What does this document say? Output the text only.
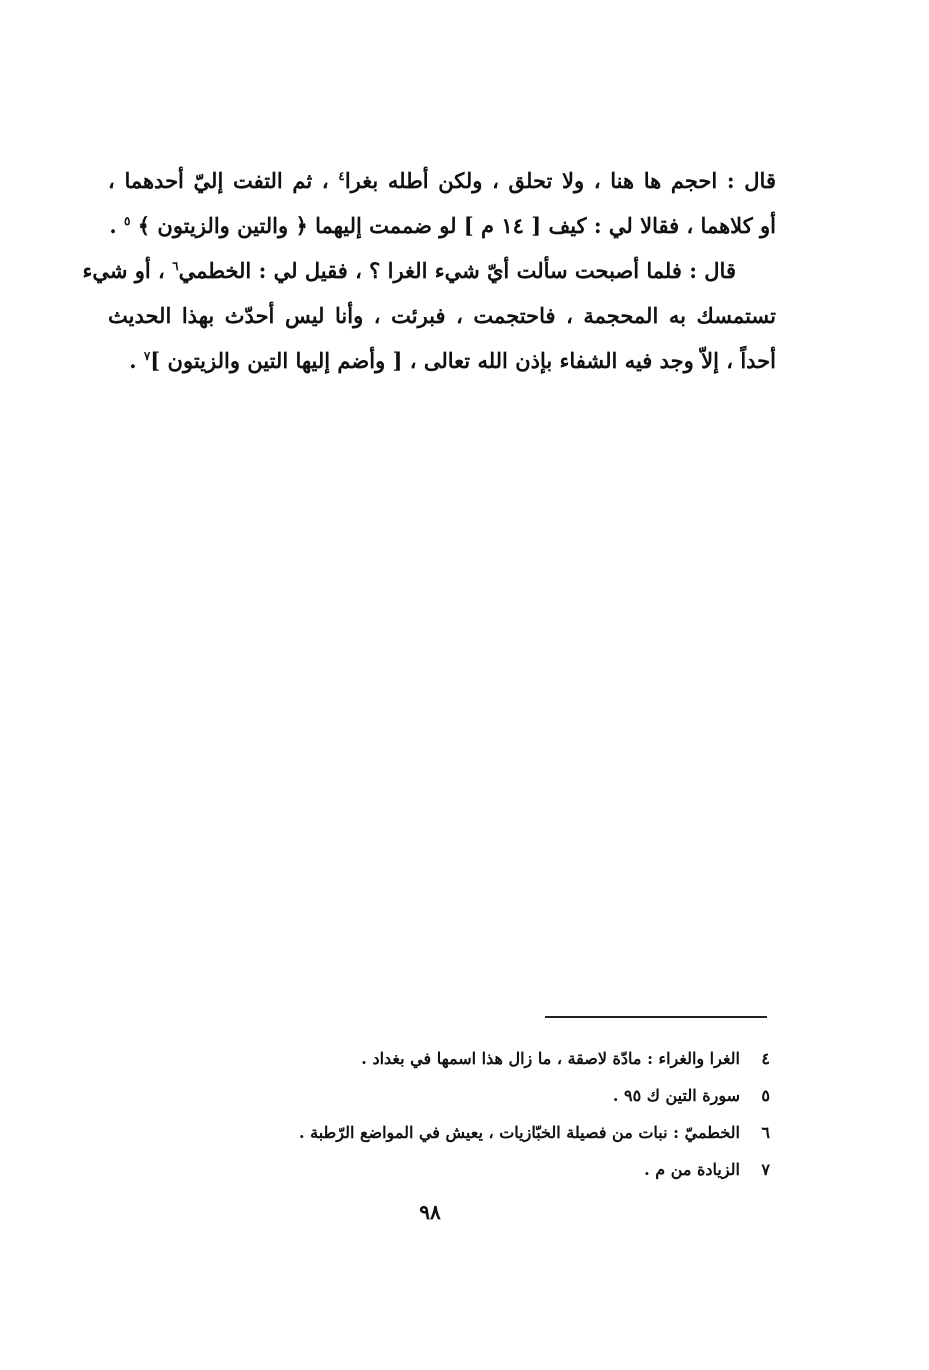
قال : احجم ها هنا ، ولا تحلق ، ولكن أطله بغرا$^٤$ ، ثم التفت إليّ أحدهما ،
أو كلاهما ، فقالا لي : كيف [ ١٤ م ] لو ضممت إليهما ﴿ والتين والزيتون ﴾ $^٥$ .
قال : فلما أصبحت سألت أيّ شيء الغرا ؟ ، فقيل لي : الخطمي$^٦$ ، أو شيء
تستمسك به المحجمة ، فاحتجمت ، فبرئت ، وأنا ليس أحدّث بهذا الحديث
أحداً ، إلاّ وجد فيه الشفاء بإذن الله تعالى ، [ وأضم إليها التين والزيتون ]$^٧$ .
٤الغرا والغراء : مادّة لاصقة ، ما زال هذا اسمها في بغداد .
٥سورة التين ك ٩٥ .
٦الخطميّ : نبات من فصيلة الخبّازيات ، يعيش في المواضع الرّطبة .
٧الزيادة من م .
٩٨
